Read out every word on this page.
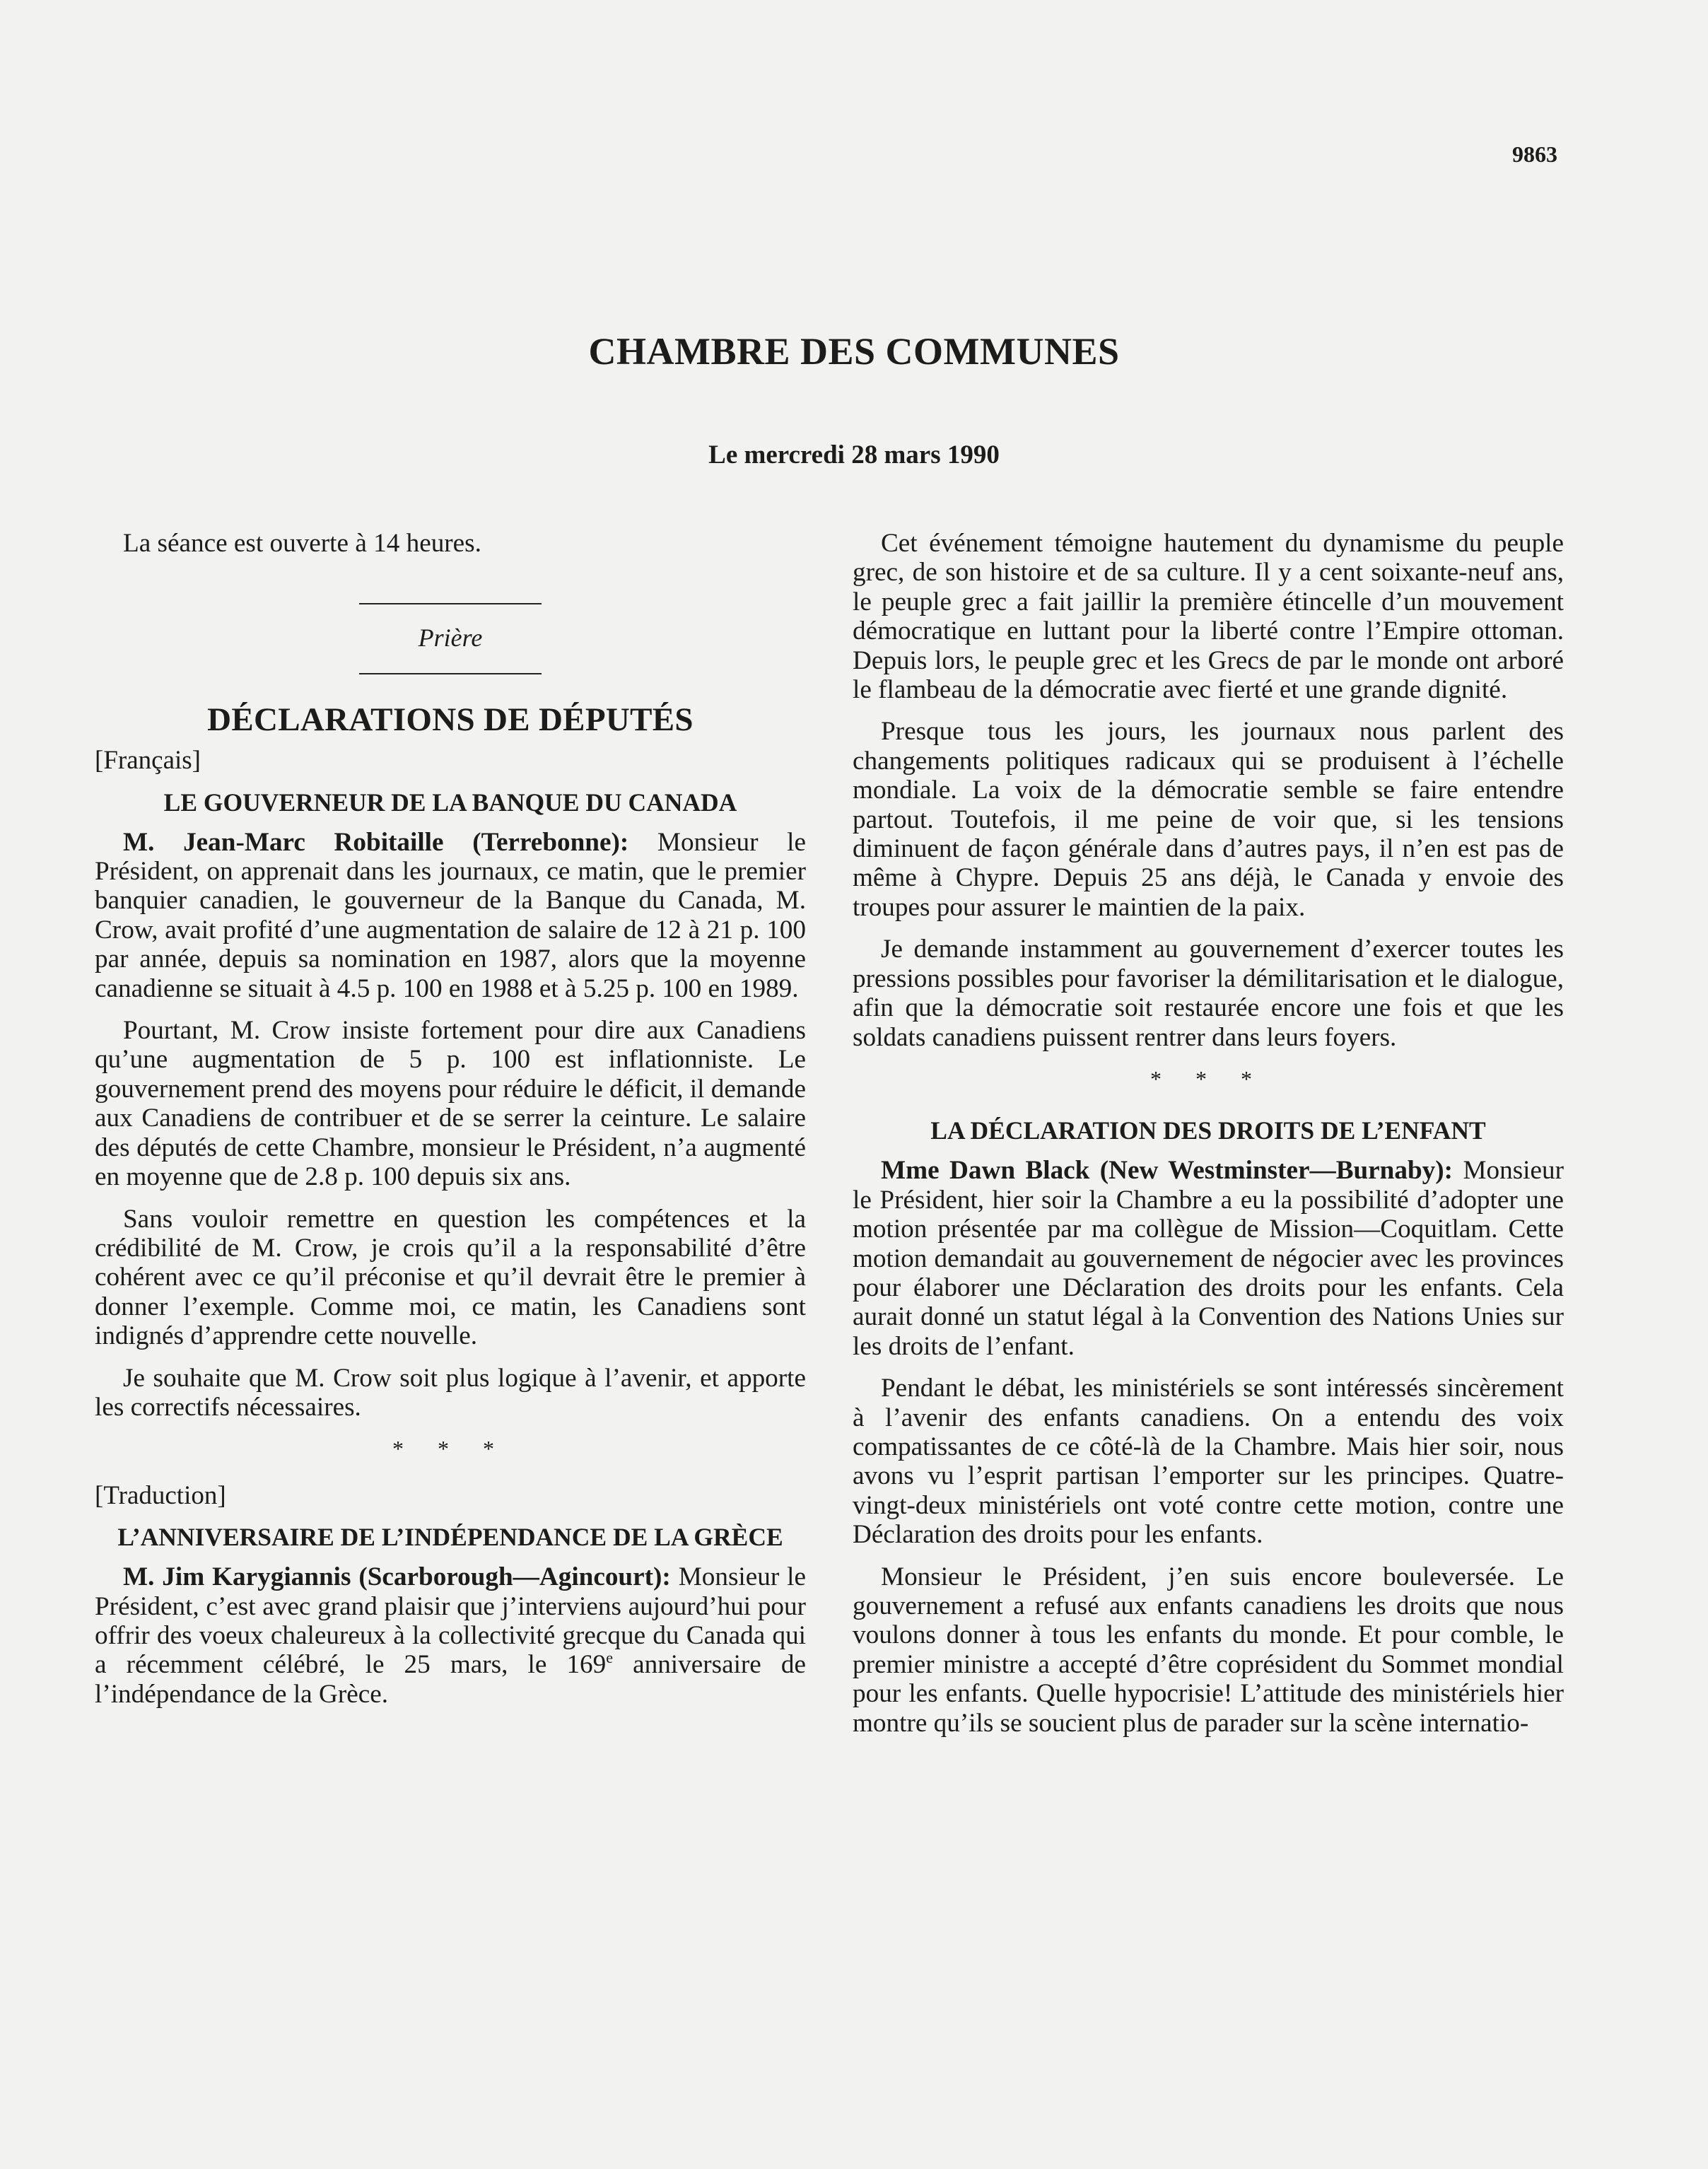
9863
CHAMBRE DES COMMUNES
Le mercredi 28 mars 1990

La séance est ouverte à 14 heures.

Prière
DÉCLARATIONS DE DÉPUTÉS
[Français]
LE GOUVERNEUR DE LA BANQUE DU CANADA

M. Jean-Marc Robitaille (Terrebonne): Monsieur le Président, on apprenait dans les journaux, ce matin, que le premier banquier canadien, le gouverneur de la Banque du Canada, M. Crow, avait profité d’une augmentation de salaire de 12 à 21 p. 100 par année, depuis sa nomination en 1987, alors que la moyenne canadienne se situait à 4.5 p. 100 en 1988 et à 5.25 p. 100 en 1989.

Pourtant, M. Crow insiste fortement pour dire aux Canadiens qu’une augmentation de 5 p. 100 est inflationniste. Le gouvernement prend des moyens pour réduire le déficit, il demande aux Canadiens de contribuer et de se serrer la ceinture. Le salaire des députés de cette Chambre, monsieur le Président, n’a augmenté en moyenne que de 2.8 p. 100 depuis six ans.

Sans vouloir remettre en question les compétences et la crédibilité de M. Crow, je crois qu’il a la responsabilité d’être cohérent avec ce qu’il préconise et qu’il devrait être le premier à donner l’exemple. Comme moi, ce matin, les Canadiens sont indignés d’apprendre cette nouvelle.

Je souhaite que M. Crow soit plus logique à l’avenir, et apporte les correctifs nécessaires.

* * *
[Traduction]
L’ANNIVERSAIRE DE L’INDÉPENDANCE DE LA GRÈCE

M. Jim Karygiannis (Scarborough—Agincourt): Monsieur le Président, c’est avec grand plaisir que j’interviens aujourd’hui pour offrir des voeux chaleureux à la collectivité grecque du Canada qui a récemment célébré, le 25 mars, le 169e anniversaire de l’indépendance de la Grèce.

Cet événement témoigne hautement du dynamisme du peuple grec, de son histoire et de sa culture. Il y a cent soixante-neuf ans, le peuple grec a fait jaillir la première étincelle d’un mouvement démocratique en luttant pour la liberté contre l’Empire ottoman. Depuis lors, le peuple grec et les Grecs de par le monde ont arboré le flambeau de la démocratie avec fierté et une grande dignité.

Presque tous les jours, les journaux nous parlent des changements politiques radicaux qui se produisent à l’échelle mondiale. La voix de la démocratie semble se faire entendre partout. Toutefois, il me peine de voir que, si les tensions diminuent de façon générale dans d’autres pays, il n’en est pas de même à Chypre. Depuis 25 ans déjà, le Canada y envoie des troupes pour assurer le maintien de la paix.

Je demande instamment au gouvernement d’exercer toutes les pressions possibles pour favoriser la démilitarisation et le dialogue, afin que la démocratie soit restaurée encore une fois et que les soldats canadiens puissent rentrer dans leurs foyers.

* * *
LA DÉCLARATION DES DROITS DE L’ENFANT

Mme Dawn Black (New Westminster—Burnaby): Monsieur le Président, hier soir la Chambre a eu la possibilité d’adopter une motion présentée par ma collègue de Mission—Coquitlam. Cette motion demandait au gouvernement de négocier avec les provinces pour élaborer une Déclaration des droits pour les enfants. Cela aurait donné un statut légal à la Convention des Nations Unies sur les droits de l’enfant.

Pendant le débat, les ministériels se sont intéressés sincèrement à l’avenir des enfants canadiens. On a entendu des voix compatissantes de ce côté-là de la Chambre. Mais hier soir, nous avons vu l’esprit partisan l’emporter sur les principes. Quatre-vingt-deux ministériels ont voté contre cette motion, contre une Déclaration des droits pour les enfants.

Monsieur le Président, j’en suis encore bouleversée. Le gouvernement a refusé aux enfants canadiens les droits que nous voulons donner à tous les enfants du monde. Et pour comble, le premier ministre a accepté d’être coprésident du Sommet mondial pour les enfants. Quelle hypocrisie! L’attitude des ministériels hier montre qu’ils se soucient plus de parader sur la scène internatio-
